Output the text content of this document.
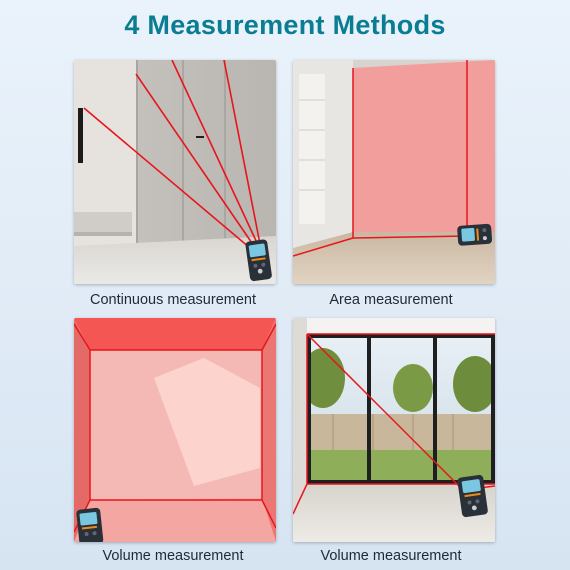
4 Measurement Methods
Continuous measurement	Area measurement
Volume measurement	Volume measurement
